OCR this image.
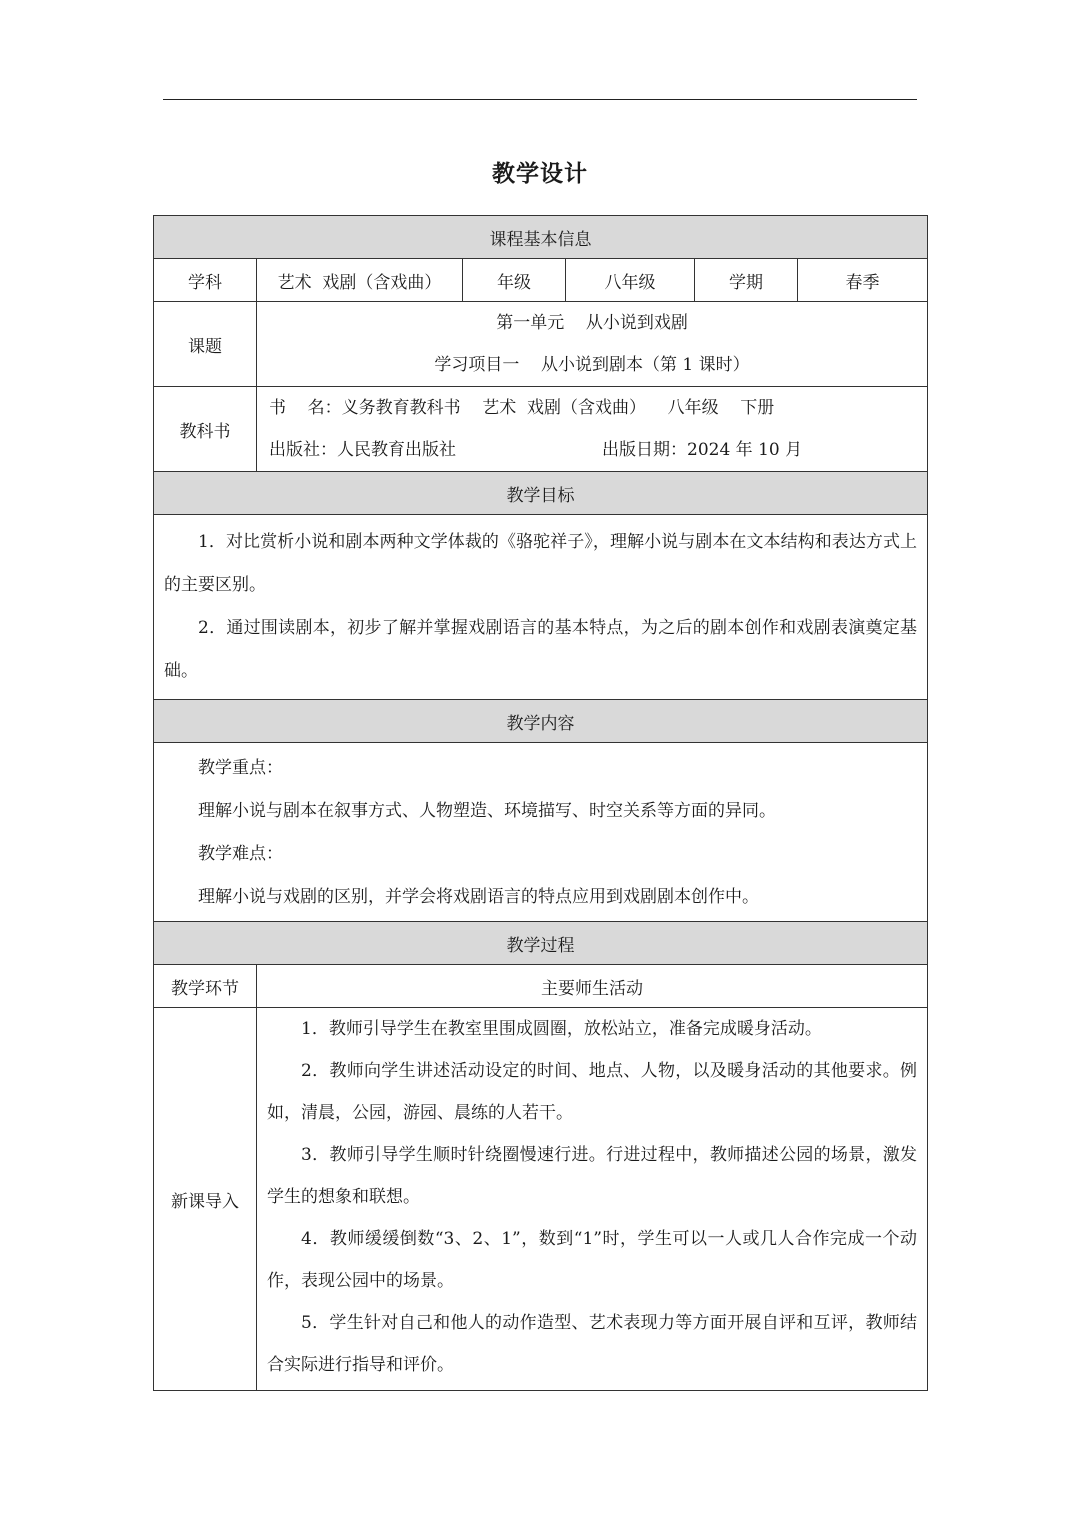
教学设计
课程基本信息					
学科	艺术  戏剧（含戏曲）	年级	八年级	学期	春季
课题	第一单元    从小说到戏剧
学习项目一    从小说到剧本（第 1 课时）				

教科书	书    名：义务教育教科书    艺术  戏剧（含戏曲）    八年级    下册
出版社：人民教育出版社 出版日期：2024 年 10 月				

教学目标					

1．对比赏析小说和剧本两种文学体裁的《骆驼祥子》，理解小说与剧本在文本结构和表达方式上的主要区别。

2．通过围读剧本，初步了解并掌握戏剧语言的基本特点，为之后的剧本创作和戏剧表演奠定基础。					

教学内容					

教学重点：

理解小说与剧本在叙事方式、人物塑造、环境描写、时空关系等方面的异同。

教学难点：

理解小说与戏剧的区别，并学会将戏剧语言的特点应用到戏剧剧本创作中。					

教学过程					
教学环节	主要师生活动				
新课导入	1．教师引导学生在教室里围成圆圈，放松站立，准备完成暖身活动。

2．教师向学生讲述活动设定的时间、地点、人物，以及暖身活动的其他要求。例如，清晨，公园，游园、晨练的人若干。

3．教师引导学生顺时针绕圈慢速行进。行进过程中，教师描述公园的场景，激发学生的想象和联想。

4．教师缓缓倒数“3、2、1”，数到“1”时，学生可以一人或几人合作完成一个动作，表现公园中的场景。

5．学生针对自己和他人的动作造型、艺术表现力等方面开展自评和互评，教师结合实际进行指导和评价。				
